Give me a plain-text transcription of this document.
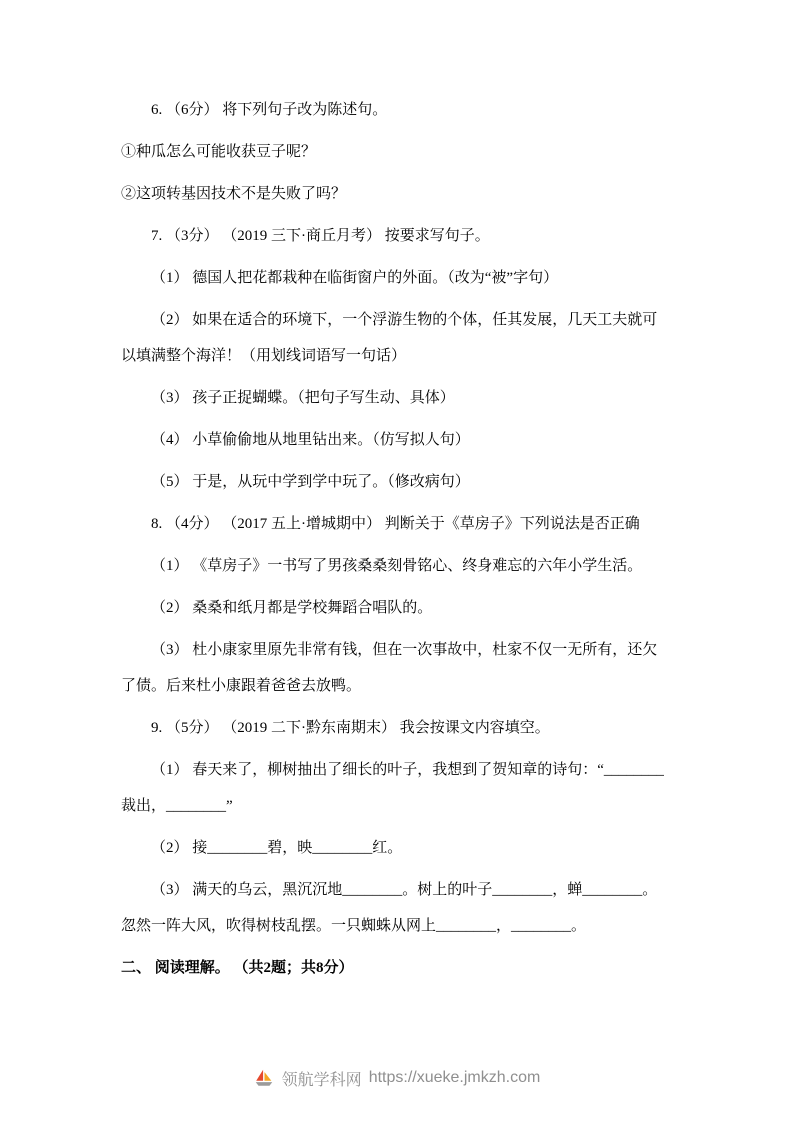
6. （6分） 将下列句子改为陈述句。

①种瓜怎么可能收获豆子呢？

②这项转基因技术不是失败了吗？

7. （3分） （2019 三下·商丘月考） 按要求写句子。

（1） 德国人把花都栽种在临街窗户的外面。（改为“被”字句）

（2） 如果在适合的环境下，一个浮游生物的个体，任其发展，几天工夫就可以填满整个海洋！（用划线词语写一句话）

（3） 孩子正捉蝴蝶。（把句子写生动、具体）

（4） 小草偷偷地从地里钻出来。（仿写拟人句）

（5） 于是，从玩中学到学中玩了。（修改病句）

8. （4分） （2017 五上·增城期中） 判断关于《草房子》下列说法是否正确

（1） 《草房子》一书写了男孩桑桑刻骨铭心、终身难忘的六年小学生活。

（2） 桑桑和纸月都是学校舞蹈合唱队的。

（3） 杜小康家里原先非常有钱，但在一次事故中，杜家不仅一无所有，还欠了债。后来杜小康跟着爸爸去放鸭。

9. （5分） （2019 二下·黔东南期末） 我会按课文内容填空。

（1） 春天来了，柳树抽出了细长的叶子，我想到了贺知章的诗句：“________裁出，________”

（2） 接________碧，映________红。

（3） 满天的乌云，黑沉沉地________。树上的叶子________，蝉________。忽然一阵大风，吹得树枝乱摆。一只蜘蛛从网上________，________。

二、 阅读理解。 （共2题；共8分）

领航学科网 https://xueke.jmkzh.com
